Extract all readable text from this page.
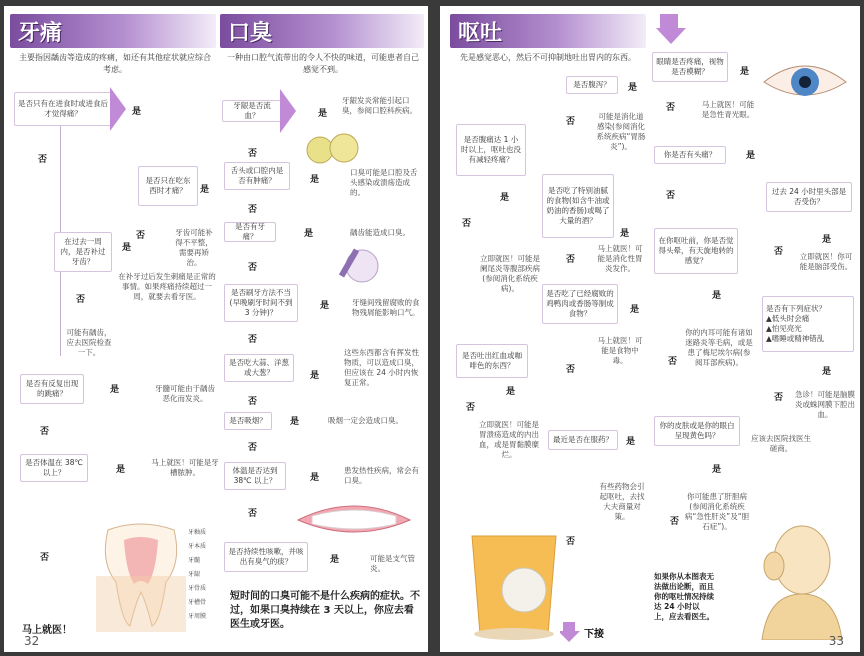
牙痛	口臭
主要指因龋齿等造成的疼痛，如还有其他症状就应综合考虑。
是否只有在进食时或进食后才觉得痛？	是
否
是否只在吃东西时才痛？	是
牙齿可能补得不平整，需要再矫治。
否
在过去一周内，是否补过牙齿？
是
在补牙过后发生刺痛是正常的事情。如果疼痛持续超过一周，就要去看牙医。
否
可能有龋齿，应去医院检查一下。
是否有反复出现的跳痛？	是	牙髓可能由于龋齿恶化而发炎。
否
是否体温在 38℃ 以上？	是
马上就医！可能是牙槽脓肿。
否
马上就医！
牙釉质
牙本质
牙髓
牙龈
牙骨质
牙槽骨
牙周膜
一种由口腔气流带出的令人不快的味道，可能患者自己感觉不到。
牙龈是否流血？	是
牙龈发炎常能引起口臭，参阅口腔科疾病。
否
舌头或口腔内是否有肿痛？	是
口臭可能是口腔及舌头感染或溃疡造成的。
否
是否有牙痛？	是	龋齿能造成口臭。
否
是否刷牙方法不当(早晚刷牙时间不到 3 分钟)？
是	牙缝间残留腐败的食物残屑能影响口气。
否
是否吃大蒜、洋葱或大葱？	是
这些东西都含有挥发性物质，可以造成口臭，但应该在 24 小时内恢复正常。
否
是否吸烟？	是	吸烟一定会造成口臭。
否
体温是否达到 38℃ 以上？	是
患发热性疾病，常会有口臭。
否
是否持续性咳嗽，并咳出有臭气的痰？	是	可能是支气管炎。
短时间的口臭可能不是什么疾病的症状。不过，如果口臭持续在 3 天以上，你应去看医生或牙医。
32
呕吐
先是感觉恶心，然后不可抑制地吐出胃内的东西。
是否腹泻？	是
可能是消化道感染(参阅消化系统疾病“胃肠炎”)。
否
是否腹痛达 1 小时以上，呕吐也没有减轻疼痛？
是否吃了特别油腻的食物(如含牛油或奶油的香肠)或喝了大量的酒？
是
否
是
立即就医！可能是阑尾炎等腹部疾病(参阅消化系统疾病)。
否
马上就医！可能是消化性胃炎发作。
是否吃了已经腐败的鸡鸭肉或香肠等制成食物？	是
马上就医！可能是食物中毒。
否
是否吐出红血或咖啡色的东西？
是
否
立即就医！可能是胃溃疡造成的内出血，或是胃黏膜糜烂。
最近是否在服药？	是
有些药物会引起呕吐，去找大夫商量对策。
否
下接
眼睛是否疼痛，视物是否模糊？	是
否	马上就医！可能是急性青光眼。
你是否有头痛？	是
过去 24 小时里头部是否受伤？
否
否
是
在你呕吐前，你是否觉得头晕，有天旋地转的感觉？	立即就医！你可能是脑部受伤。
是
是否有下列症状？
▲低头时会痛
▲怕见亮光
▲嗜睡或精神错乱
你的内耳可能有诸如迷路炎等毛病，或是患了梅尼埃尔病(参阅耳部疾病)。
否
是
否 急诊！可能是脑膜炎或蛛网膜下腔出血。
你的皮肤或是你的眼白呈现黄色吗？	应该去医院找医生磋商。
是
你可能患了肝胆病(参阅消化系统疾病“急性肝炎”及“胆石症”)。
否
如果你从本图表无法做出论断，而且你的呕吐情况持续达 24 小时以上，应去看医生。
33
